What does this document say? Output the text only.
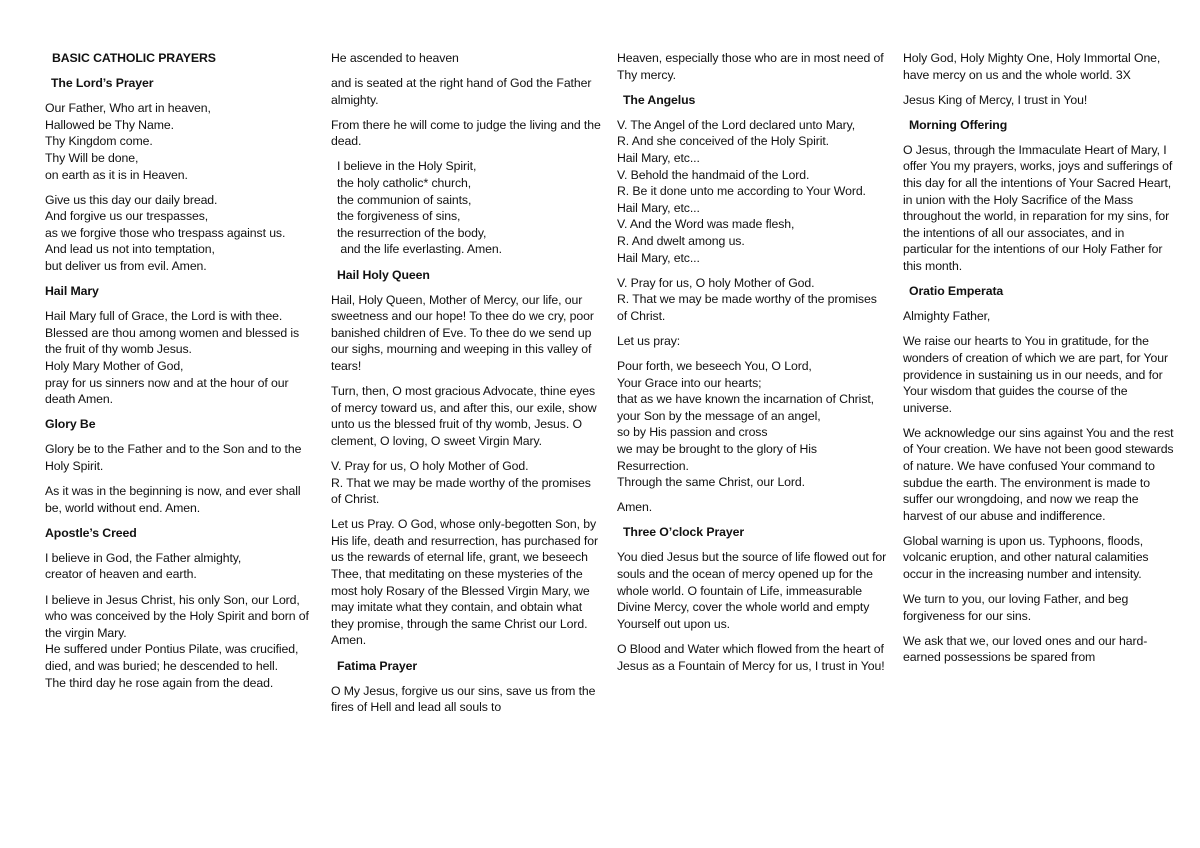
BASIC CATHOLIC PRAYERS
The Lord’s Prayer

Our Father, Who art in heaven,
Hallowed be Thy Name.
Thy Kingdom come.
Thy Will be done,
on earth as it is in Heaven.

Give us this day our daily bread.
And forgive us our trespasses,
as we forgive those who trespass against us.
And lead us not into temptation,
but deliver us from evil. Amen.

Hail Mary

Hail Mary full of Grace, the Lord is with thee.
Blessed are thou among women and blessed is the fruit of thy womb Jesus.
Holy Mary Mother of God,
pray for us sinners now and at the hour of our death Amen.

Glory Be

Glory be to the Father and to the Son and to the Holy Spirit.

As it was in the beginning is now, and ever shall be, world without end. Amen.

Apostle’s Creed

I believe in God, the Father almighty,
creator of heaven and earth.

I believe in Jesus Christ, his only Son, our Lord,
who was conceived by the Holy Spirit and born of the virgin Mary.
He suffered under Pontius Pilate, was crucified, died, and was buried; he descended to hell.
The third day he rose again from the dead.

He ascended to heaven

and is seated at the right hand of God the Father almighty.

From there he will come to judge the living and the dead.

I believe in the Holy Spirit,
the holy catholic* church,
the communion of saints,
the forgiveness of sins,
the resurrection of the body,
and the life everlasting. Amen.

Hail Holy Queen

Hail, Holy Queen, Mother of Mercy, our life, our sweetness and our hope! To thee do we cry, poor banished children of Eve. To thee do we send up our sighs, mourning and weeping in this valley of tears!

Turn, then, O most gracious Advocate, thine eyes of mercy toward us, and after this, our exile, show unto us the blessed fruit of thy womb, Jesus. O clement, O loving, O sweet Virgin Mary.

V. Pray for us, O holy Mother of God.
R. That we may be made worthy of the promises of Christ.

Let us Pray. O God, whose only-begotten Son, by His life, death and resurrection, has purchased for us the rewards of eternal life, grant, we beseech Thee, that meditating on these mysteries of the most holy Rosary of the Blessed Virgin Mary, we may imitate what they contain, and obtain what they promise, through the same Christ our Lord. Amen.

Fatima Prayer

O My Jesus, forgive us our sins, save us from the fires of Hell and lead all souls to

Heaven, especially those who are in most need of Thy mercy.

The Angelus

V. The Angel of the Lord declared unto Mary,
R. And she conceived of the Holy Spirit.
Hail Mary, etc...
V. Behold the handmaid of the Lord.
R. Be it done unto me according to Your Word.
Hail Mary, etc...
V. And the Word was made flesh,
R. And dwelt among us.
Hail Mary, etc...

V. Pray for us, O holy Mother of God.
R. That we may be made worthy of the promises of Christ.

Let us pray:

Pour forth, we beseech You, O Lord,
Your Grace into our hearts;
that as we have known the incarnation of Christ,
your Son by the message of an angel,
so by His passion and cross
we may be brought to the glory of His Resurrection.
Through the same Christ, our Lord.

Amen.

Three O’clock Prayer

You died Jesus but the source of life flowed out for souls and the ocean of mercy opened up for the whole world. O fountain of Life, immeasurable Divine Mercy, cover the whole world and empty Yourself out upon us.

O Blood and Water which flowed from the heart of Jesus as a Fountain of Mercy for us, I trust in You!

Holy God, Holy Mighty One, Holy Immortal One, have mercy on us and the whole world. 3X

Jesus King of Mercy, I trust in You!

Morning Offering

O Jesus, through the Immaculate Heart of Mary, I offer You my prayers, works, joys and sufferings of this day for all the intentions of Your Sacred Heart, in union with the Holy Sacrifice of the Mass throughout the world, in reparation for my sins, for the intentions of all our associates, and in particular for the intentions of our Holy Father for this month.

Oratio Emperata

Almighty Father,

We raise our hearts to You in gratitude, for the wonders of creation of which we are part, for Your providence in sustaining us in our needs, and for Your wisdom that guides the course of the universe.

We acknowledge our sins against You and the rest of Your creation. We have not been good stewards of nature. We have confused Your command to subdue the earth. The environment is made to suffer our wrongdoing, and now we reap the harvest of our abuse and indifference.

Global warning is upon us. Typhoons, floods, volcanic eruption, and other natural calamities occur in the increasing number and intensity.

We turn to you, our loving Father, and beg forgiveness for our sins.

We ask that we, our loved ones and our hard-earned possessions be spared from
